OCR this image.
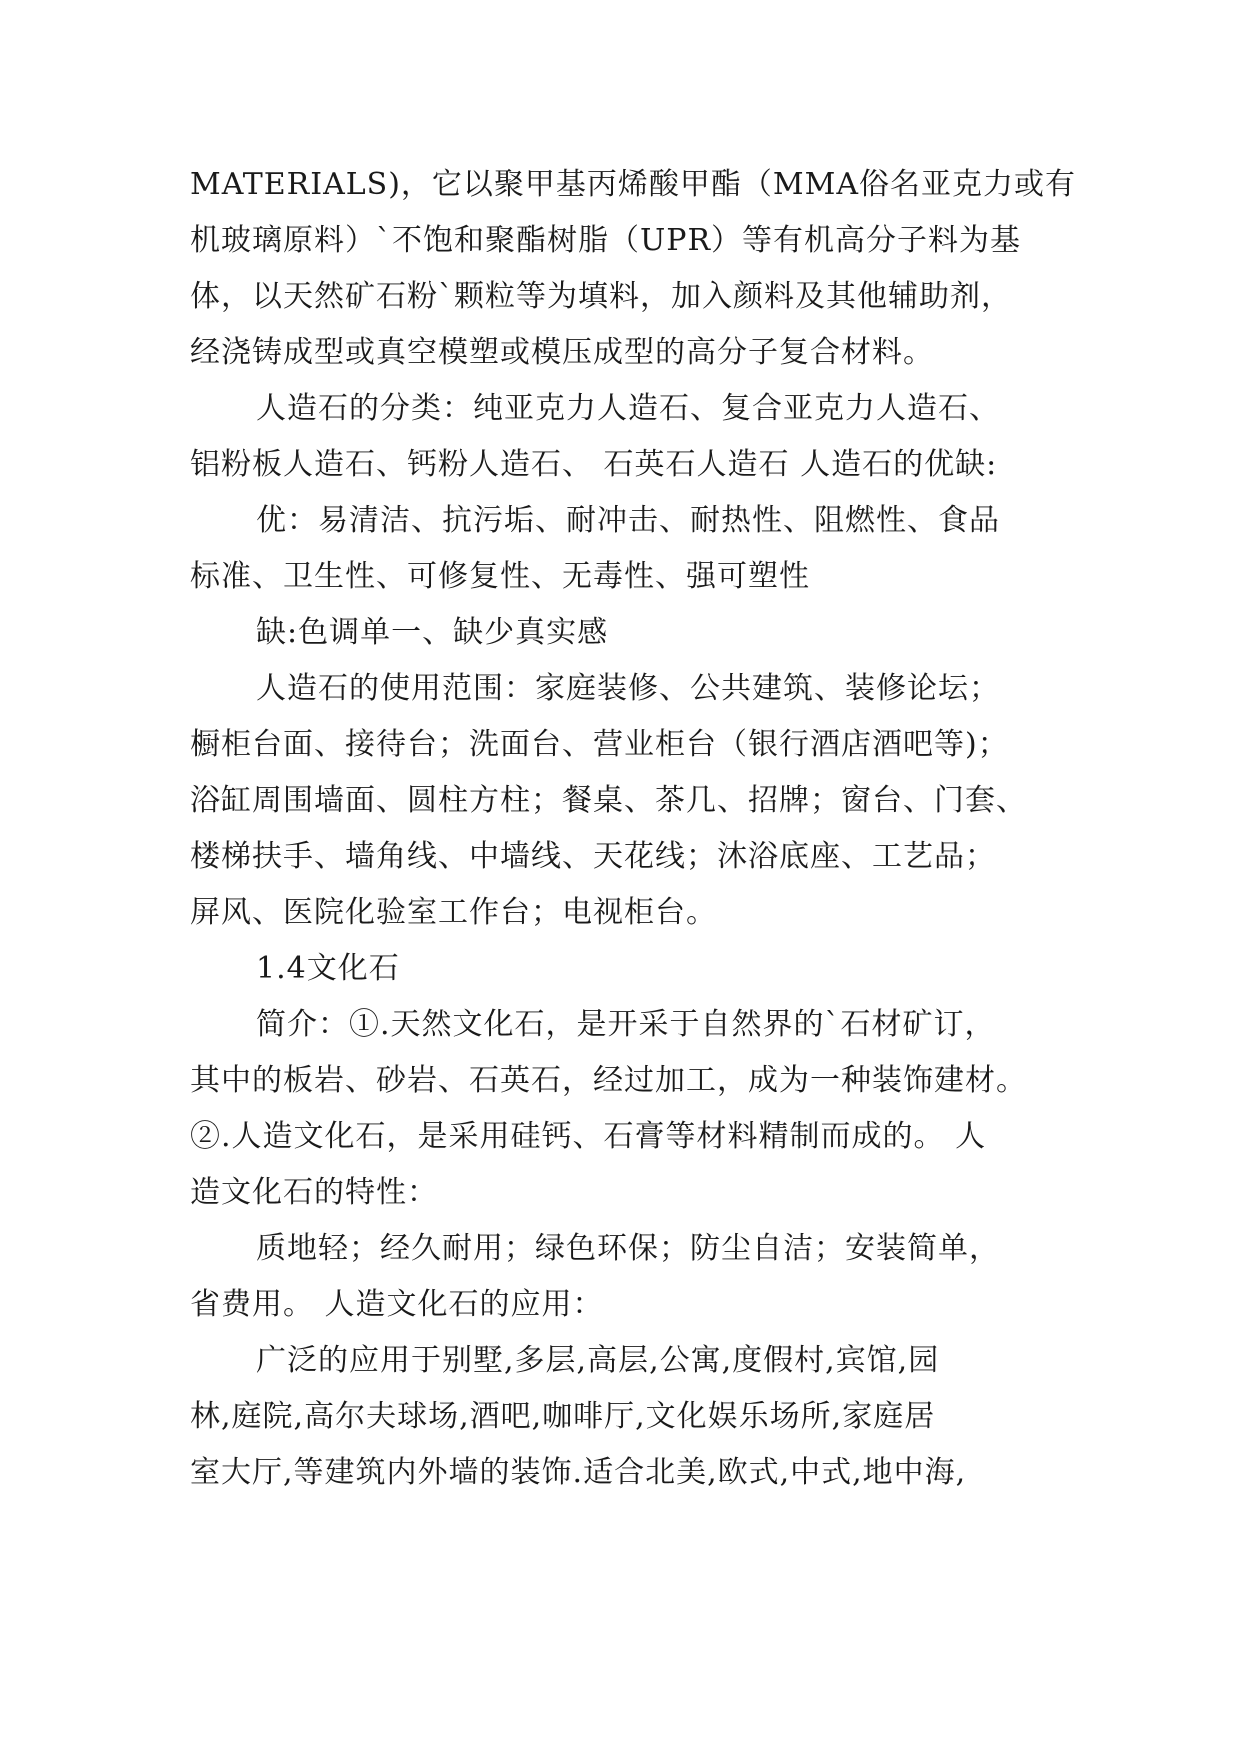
MATERIALS)，它以聚甲基丙烯酸甲酯（MMA俗名亚克力或有
机玻璃原料）`不饱和聚酯树脂（UPR）等有机高分子料为基
体，以天然矿石粉`颗粒等为填料，加入颜料及其他辅助剂，
经浇铸成型或真空模塑或模压成型的高分子复合材料。
人造石的分类：纯亚克力人造石、复合亚克力人造石、
铝粉板人造石、钙粉人造石、 石英石人造石 人造石的优缺:
优：易清洁、抗污垢、耐冲击、耐热性、阻燃性、食品
标准、卫生性、可修复性、无毒性、强可塑性
缺:色调单一、缺少真实感
人造石的使用范围：家庭装修、公共建筑、装修论坛；
橱柜台面、接待台；洗面台、营业柜台（银行酒店酒吧等)；
浴缸周围墙面、圆柱方柱；餐桌、茶几、招牌；窗台、门套、
楼梯扶手、墙角线、中墙线、天花线；沐浴底座、工艺品；
屏风、医院化验室工作台；电视柜台。
1.4文化石
简介：①.天然文化石，是开采于自然界的`石材矿订，
其中的板岩、砂岩、石英石，经过加工，成为一种装饰建材。
②.人造文化石，是采用硅钙、石膏等材料精制而成的。 人
造文化石的特性：
质地轻；经久耐用；绿色环保；防尘自洁；安装简单，
省费用。 人造文化石的应用：
广泛的应用于别墅,多层,高层,公寓,度假村,宾馆,园
林,庭院,高尔夫球场,酒吧,咖啡厅,文化娱乐场所,家庭居
室大厅,等建筑内外墙的装饰.适合北美,欧式,中式,地中海,
